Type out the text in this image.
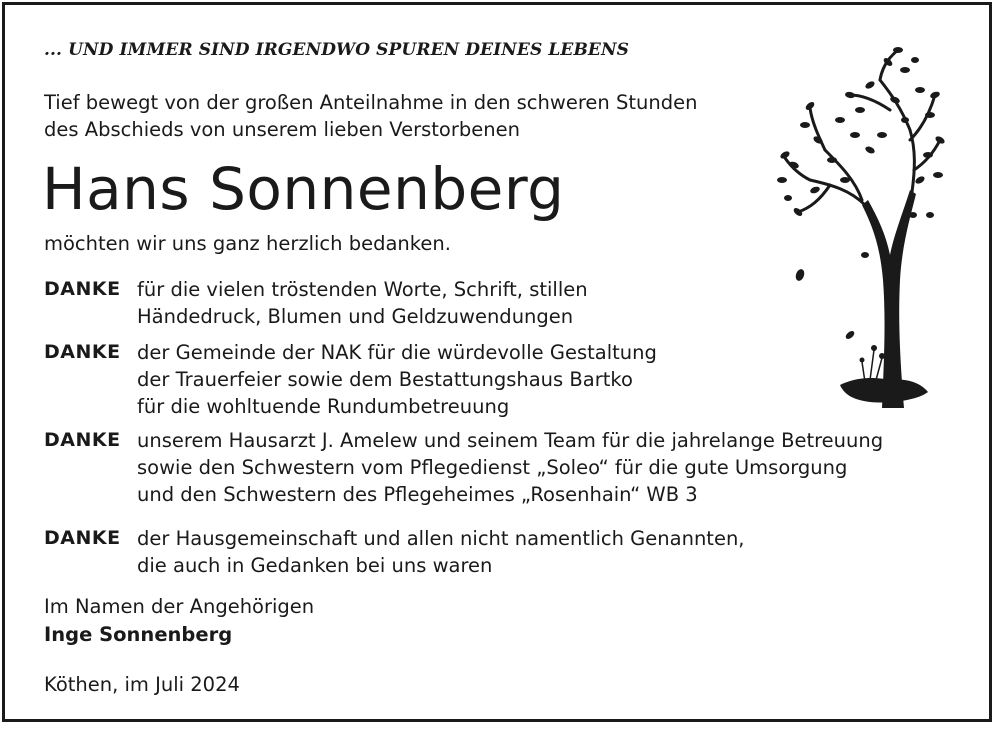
... UND IMMER SIND IRGENDWO SPUREN DEINES LEBENS
Tief bewegt von der großen Anteilnahme in den schweren Stunden
des Abschieds von unserem lieben Verstorbenen
Hans Sonnenberg
möchten wir uns ganz herzlich bedanken.
DANKE für die vielen tröstenden Worte, Schrift, stillen
Händedruck, Blumen und Geldzuwendungen
DANKE der Gemeinde der NAK für die würdevolle Gestaltung
der Trauerfeier sowie dem Bestattungshaus Bartko
für die wohltuende Rundumbetreuung
DANKE unserem Hausarzt J. Amelew und seinem Team für die jahrelange Betreuung
sowie den Schwestern vom Pflegedienst „Soleo“ für die gute Umsorgung
und den Schwestern des Pflegeheimes „Rosenhain“ WB 3
DANKE der Hausgemeinschaft und allen nicht namentlich Genannten,
die auch in Gedanken bei uns waren
Im Namen der Angehörigen
Inge Sonnenberg
Köthen, im Juli 2024
